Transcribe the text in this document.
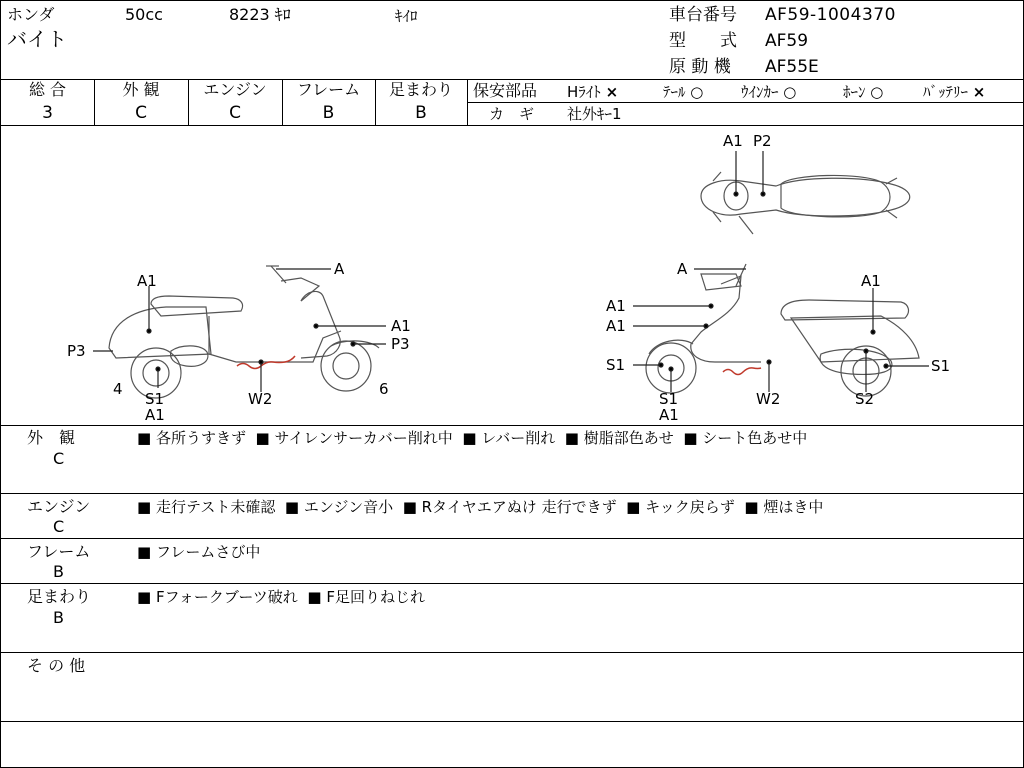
ホンダ	50cc	8223 ｷﾛ	ｷｲﾛ
バイト
車台番号 AF59-1004370
型　　式 AF59
原 動 機 AF55E
総 合
3
外 観
C
エンジン
C
フレーム
B
足まわり
B
保安部品 Hﾗｲﾄ ×	ﾃｰﾙ ○	ｳｲﾝｶｰ ○	ﾎｰﾝ ○	ﾊﾞｯﾃﾘｰ ×
カ　ギ 社外ｷｰ1
A
A1
A1
P3
P3
4	6
S1
A1
W2
A
A1
A1
A1
S1	S1
S1
A1
W2	S2
A1 P2
外　観
C
■ 各所うすきず ■ サイレンサーカバー削れ中 ■ レバー削れ ■ 樹脂部色あせ ■ シート色あせ中
エンジン
C
■ 走行テスト未確認 ■ エンジン音小 ■ Rタイヤエアぬけ 走行できず ■ キック戻らず ■ 煙はき中
フレーム
B
■ フレームさび中
足まわり
B
■ Fフォークブーツ破れ ■ F足回りねじれ
そ の 他
